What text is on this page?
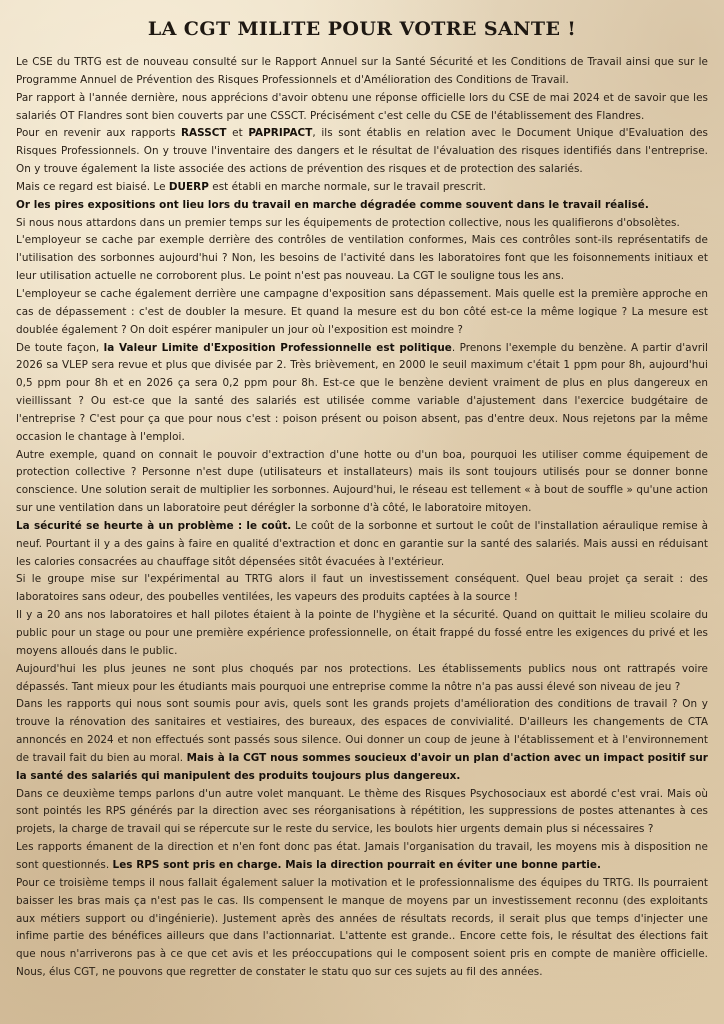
LA CGT MILITE POUR VOTRE SANTE !

Le CSE du TRTG est de nouveau consulté sur le Rapport Annuel sur la Santé Sécurité et les Conditions de Travail ainsi que sur le Programme Annuel de Prévention des Risques Professionnels et d'Amélioration des Conditions de Travail.

Par rapport à l'année dernière, nous apprécions d'avoir obtenu une réponse officielle lors du CSE de mai 2024 et de savoir que les salariés OT Flandres sont bien couverts par une CSSCT. Précisément c'est celle du CSE de l'établissement des Flandres.

Pour en revenir aux rapports RASSCT et PAPRIPACT, ils sont établis en relation avec le Document Unique d'Evaluation des Risques Professionnels. On y trouve l'inventaire des dangers et le résultat de l'évaluation des risques identifiés dans l'entreprise. On y trouve également la liste associée des actions de prévention des risques et de protection des salariés.

Mais ce regard est biaisé. Le DUERP est établi en marche normale, sur le travail prescrit.

Or les pires expositions ont lieu lors du travail en marche dégradée comme souvent dans le travail réalisé.

Si nous nous attardons dans un premier temps sur les équipements de protection collective, nous les qualifierons d'obsolètes.

L'employeur se cache par exemple derrière des contrôles de ventilation conformes, Mais ces contrôles sont-ils représentatifs de l'utilisation des sorbonnes aujourd'hui ? Non, les besoins de l'activité dans les laboratoires font que les foisonnements initiaux et leur utilisation actuelle ne corroborent plus. Le point n'est pas nouveau. La CGT le souligne tous les ans.

L'employeur se cache également derrière une campagne d'exposition sans dépassement. Mais quelle est la première approche en cas de dépassement : c'est de doubler la mesure. Et quand la mesure est du bon côté est-ce la même logique ? La mesure est doublée également ? On doit espérer manipuler un jour où l'exposition est moindre ?

De toute façon, la Valeur Limite d'Exposition Professionnelle est politique. Prenons l'exemple du benzène. A partir d'avril 2026 sa VLEP sera revue et plus que divisée par 2. Très brièvement, en 2000 le seuil maximum c'était 1 ppm pour 8h, aujourd'hui 0,5 ppm pour 8h et en 2026 ça sera 0,2 ppm pour 8h. Est-ce que le benzène devient vraiment de plus en plus dangereux en vieillissant ? Ou est-ce que la santé des salariés est utilisée comme variable d'ajustement dans l'exercice budgétaire de l'entreprise ? C'est pour ça que pour nous c'est : poison présent ou poison absent, pas d'entre deux. Nous rejetons par la même occasion le chantage à l'emploi.

Autre exemple, quand on connait le pouvoir d'extraction d'une hotte ou d'un boa, pourquoi les utiliser comme équipement de protection collective ? Personne n'est dupe (utilisateurs et installateurs) mais ils sont toujours utilisés pour se donner bonne conscience. Une solution serait de multiplier les sorbonnes. Aujourd'hui, le réseau est tellement « à bout de souffle » qu'une action sur une ventilation dans un laboratoire peut dérégler la sorbonne d'à côté, le laboratoire mitoyen.

La sécurité se heurte à un problème : le coût. Le coût de la sorbonne et surtout le coût de l'installation aéraulique remise à neuf. Pourtant il y a des gains à faire en qualité d'extraction et donc en garantie sur la santé des salariés. Mais aussi en réduisant les calories consacrées au chauffage sitôt dépensées sitôt évacuées à l'extérieur.

Si le groupe mise sur l'expérimental au TRTG alors il faut un investissement conséquent. Quel beau projet ça serait : des laboratoires sans odeur, des poubelles ventilées, les vapeurs des produits captées à la source !

Il y a 20 ans nos laboratoires et hall pilotes étaient à la pointe de l'hygiène et la sécurité. Quand on quittait le milieu scolaire du public pour un stage ou pour une première expérience professionnelle, on était frappé du fossé entre les exigences du privé et les moyens alloués dans le public.

Aujourd'hui les plus jeunes ne sont plus choqués par nos protections. Les établissements publics nous ont rattrapés voire dépassés. Tant mieux pour les étudiants mais pourquoi une entreprise comme la nôtre n'a pas aussi élevé son niveau de jeu ?

Dans les rapports qui nous sont soumis pour avis, quels sont les grands projets d'amélioration des conditions de travail ? On y trouve la rénovation des sanitaires et vestiaires, des bureaux, des espaces de convivialité. D'ailleurs les changements de CTA annoncés en 2024 et non effectués sont passés sous silence. Oui donner un coup de jeune à l'établissement et à l'environnement de travail fait du bien au moral. Mais à la CGT nous sommes soucieux d'avoir un plan d'action avec un impact positif sur la santé des salariés qui manipulent des produits toujours plus dangereux.

Dans ce deuxième temps parlons d'un autre volet manquant. Le thème des Risques Psychosociaux est abordé c'est vrai. Mais où sont pointés les RPS générés par la direction avec ses réorganisations à répétition, les suppressions de postes attenantes à ces projets, la charge de travail qui se répercute sur le reste du service, les boulots hier urgents demain plus si nécessaires ?

Les rapports émanent de la direction et n'en font donc pas état. Jamais l'organisation du travail, les moyens mis à disposition ne sont questionnés. Les RPS sont pris en charge. Mais la direction pourrait en éviter une bonne partie.

Pour ce troisième temps il nous fallait également saluer la motivation et le professionnalisme des équipes du TRTG. Ils pourraient baisser les bras mais ça n'est pas le cas. Ils compensent le manque de moyens par un investissement reconnu (des exploitants aux métiers support ou d'ingénierie). Justement après des années de résultats records, il serait plus que temps d'injecter une infime partie des bénéfices ailleurs que dans l'actionnariat. L'attente est grande.. Encore cette fois, le résultat des élections fait que nous n'arriverons pas à ce que cet avis et les préoccupations qui le composent soient pris en compte de manière officielle. Nous, élus CGT, ne pouvons que regretter de constater le statu quo sur ces sujets au fil des années.
